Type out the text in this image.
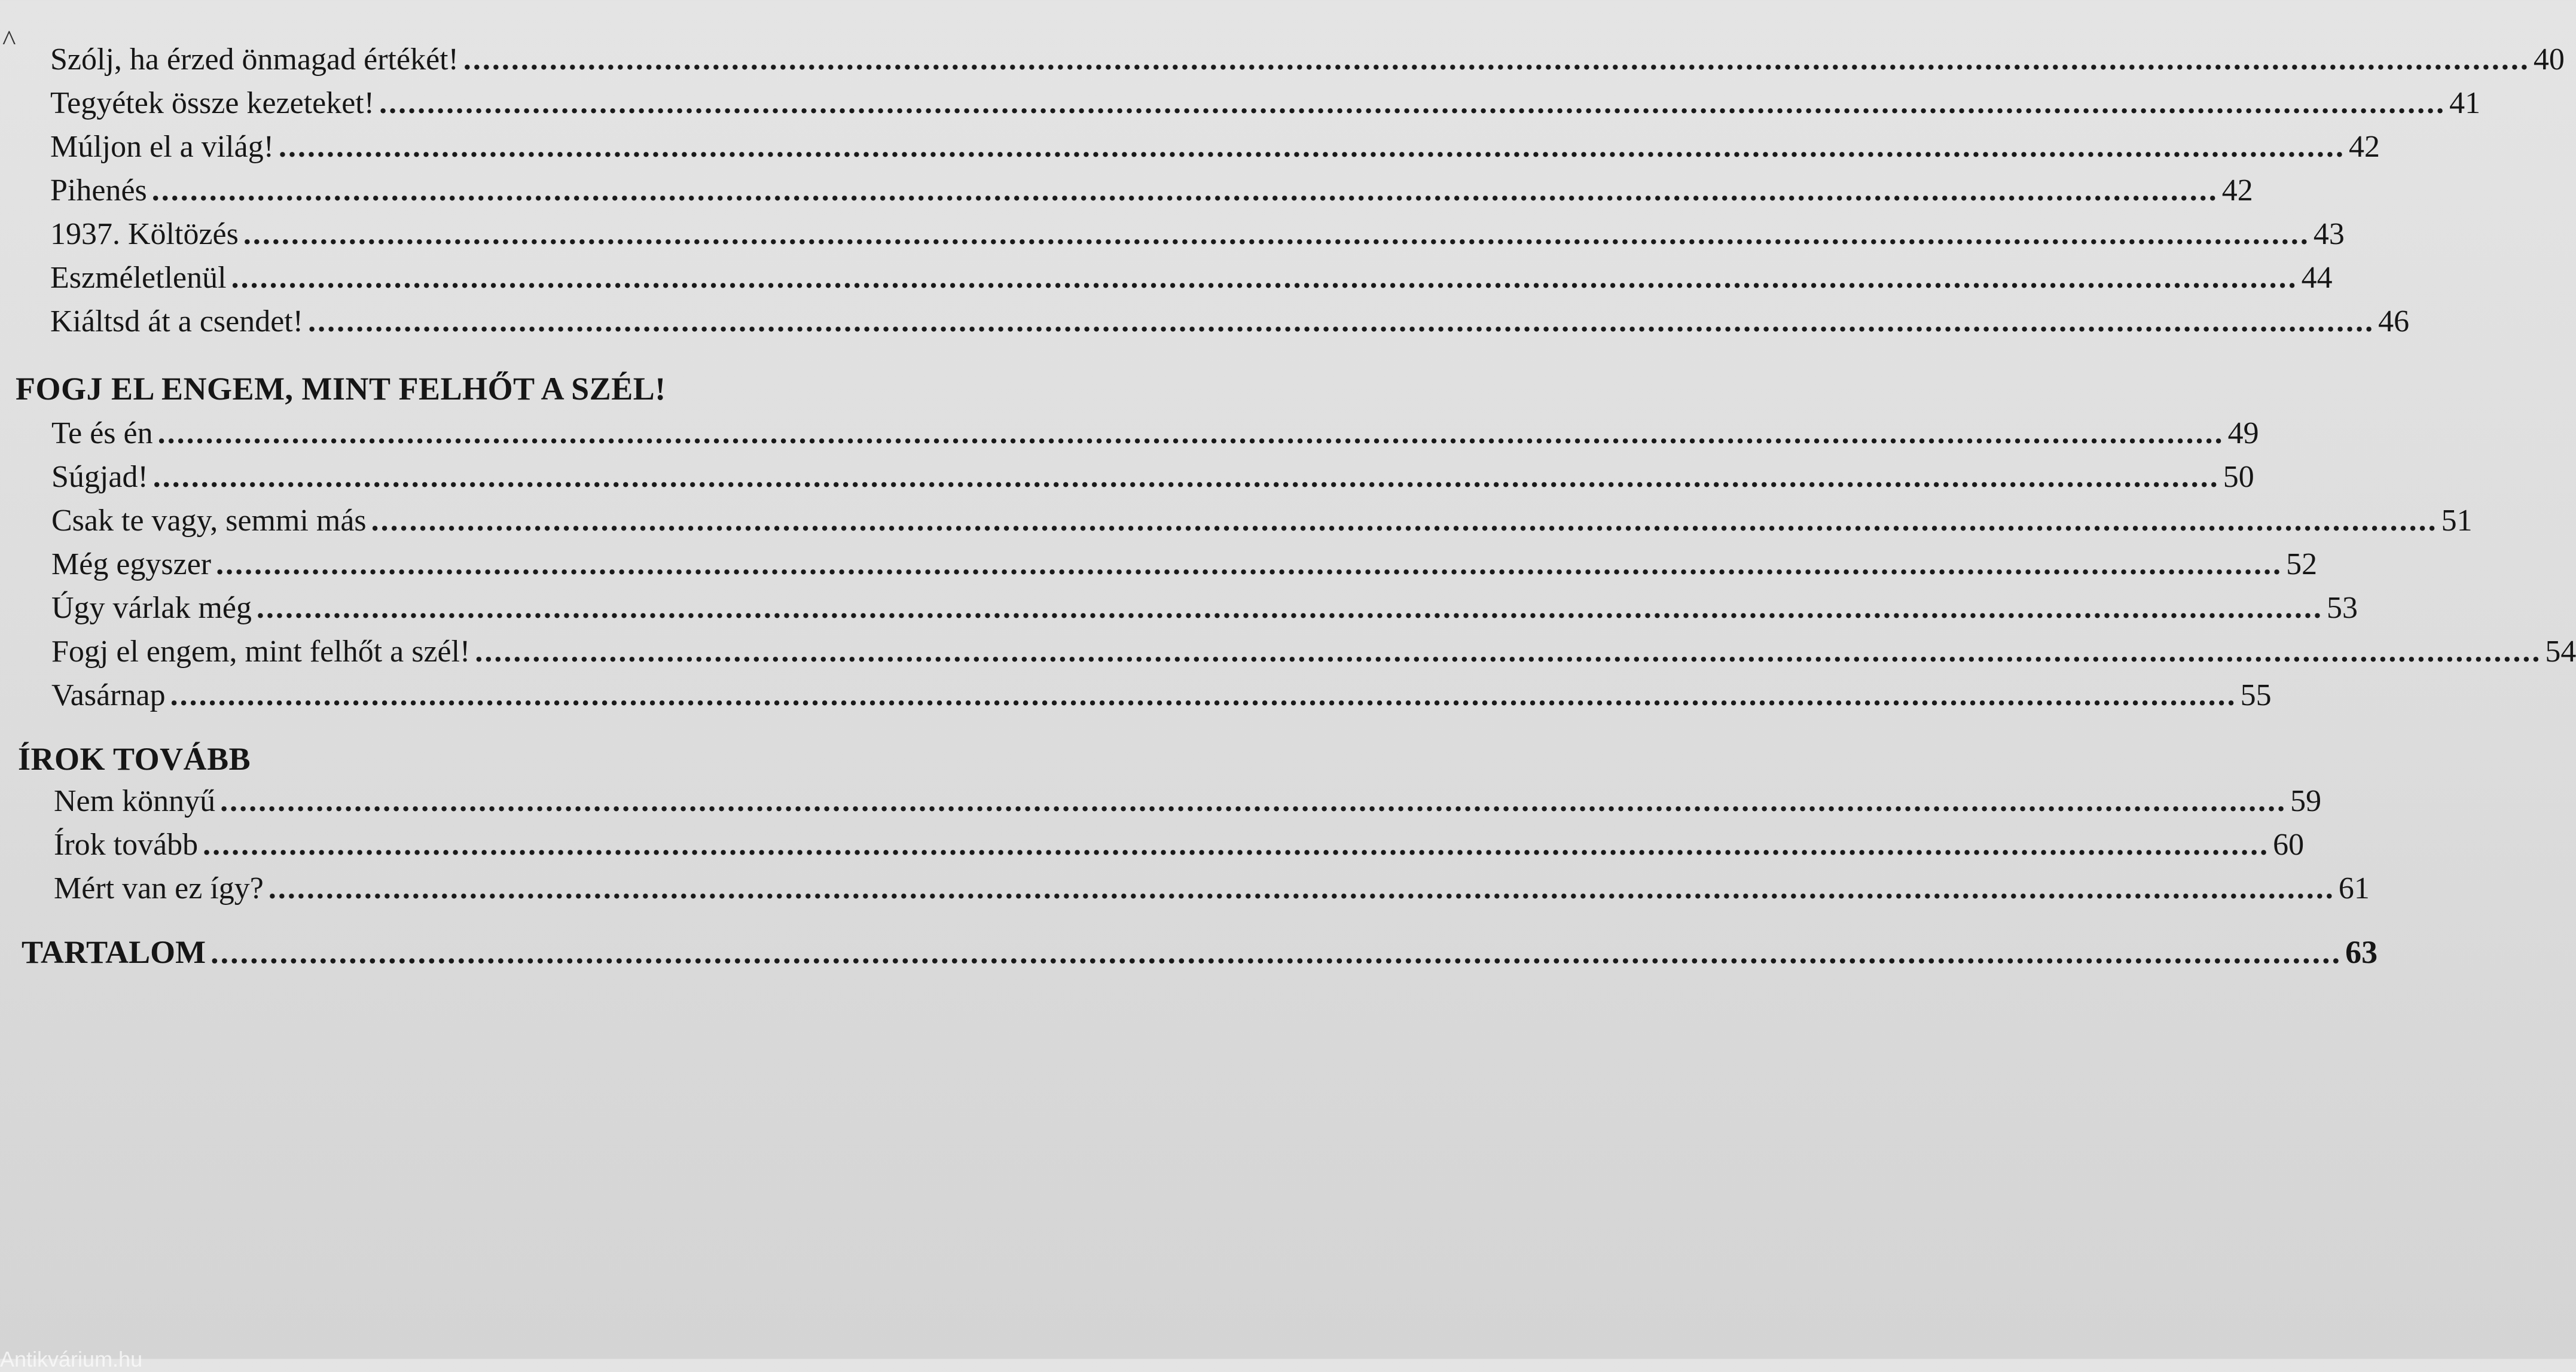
^
Szólj, ha érzed önmagad értékét! .....	40
Tegyétek össze kezeteket! .....	41
Múljon el a világ! .....	42
Pihenés .....	42
1937. Költözés .....	43
Eszméletlenül .....	44
Kiáltsd át a csendet! .....	46
FOGJ EL ENGEM, MINT FELHŐT A SZÉL!
Te és én .....	49
Súgjad! .....	50
Csak te vagy, semmi más .....	51
Még egyszer .....	52
Úgy várlak még .....	53
Fogj el engem, mint felhőt a szél! .....	54
Vasárnap .....	55
ÍROK TOVÁBB
Nem könnyű .....	59
Írok tovább .....	60
Mért van ez így? .....	61
TARTALOM .....	63
Antikvárium.hu
